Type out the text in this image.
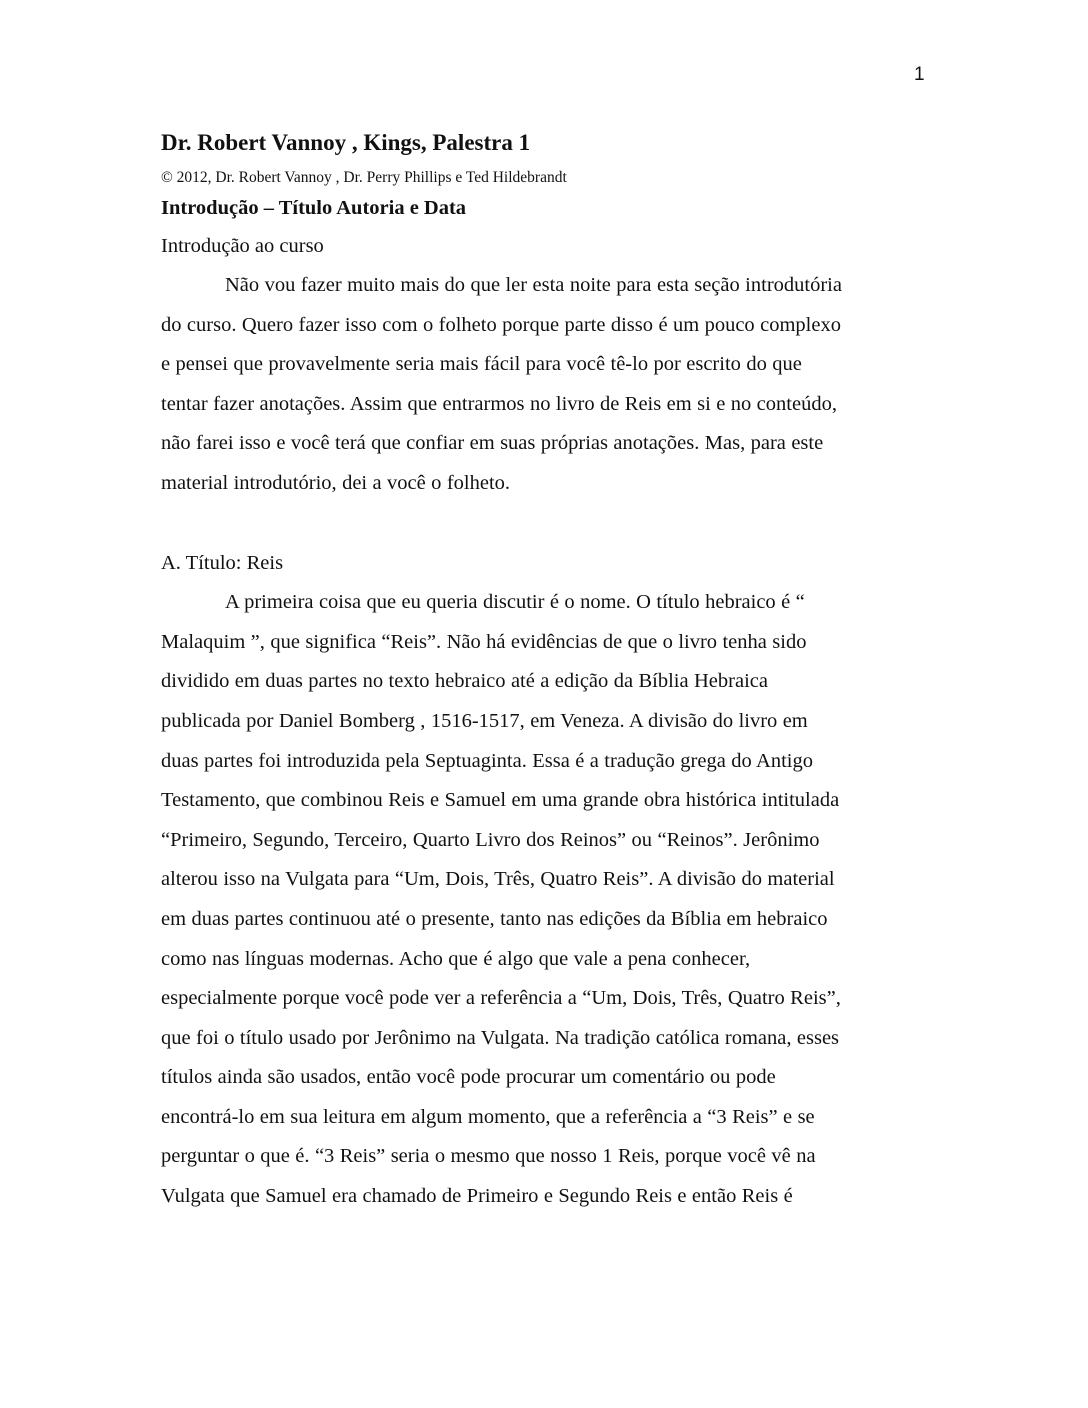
1
Dr. Robert Vannoy , Kings, Palestra 1

© 2012, Dr. Robert Vannoy , Dr. Perry Phillips e Ted Hildebrandt

Introdução – Título Autoria e Data

Introdução ao curso

Não vou fazer muito mais do que ler esta noite para esta seção introdutória
do curso. Quero fazer isso com o folheto porque parte disso é um pouco complexo
e pensei que provavelmente seria mais fácil para você tê-lo por escrito do que
tentar fazer anotações. Assim que entrarmos no livro de Reis em si e no conteúdo,
não farei isso e você terá que confiar em suas próprias anotações. Mas, para este
material introdutório, dei a você o folheto.

A. Título: Reis

A primeira coisa que eu queria discutir é o nome. O título hebraico é “
Malaquim ”, que significa “Reis”. Não há evidências de que o livro tenha sido
dividido em duas partes no texto hebraico até a edição da Bíblia Hebraica
publicada por Daniel Bomberg , 1516-1517, em Veneza. A divisão do livro em
duas partes foi introduzida pela Septuaginta. Essa é a tradução grega do Antigo
Testamento, que combinou Reis e Samuel em uma grande obra histórica intitulada
“Primeiro, Segundo, Terceiro, Quarto Livro dos Reinos” ou “Reinos”. Jerônimo
alterou isso na Vulgata para “Um, Dois, Três, Quatro Reis”. A divisão do material
em duas partes continuou até o presente, tanto nas edições da Bíblia em hebraico
como nas línguas modernas. Acho que é algo que vale a pena conhecer,
especialmente porque você pode ver a referência a “Um, Dois, Três, Quatro Reis”,
que foi o título usado por Jerônimo na Vulgata. Na tradição católica romana, esses
títulos ainda são usados, então você pode procurar um comentário ou pode
encontrá-lo em sua leitura em algum momento, que a referência a “3 Reis” e se
perguntar o que é. “3 Reis” seria o mesmo que nosso 1 Reis, porque você vê na
Vulgata que Samuel era chamado de Primeiro e Segundo Reis e então Reis é
